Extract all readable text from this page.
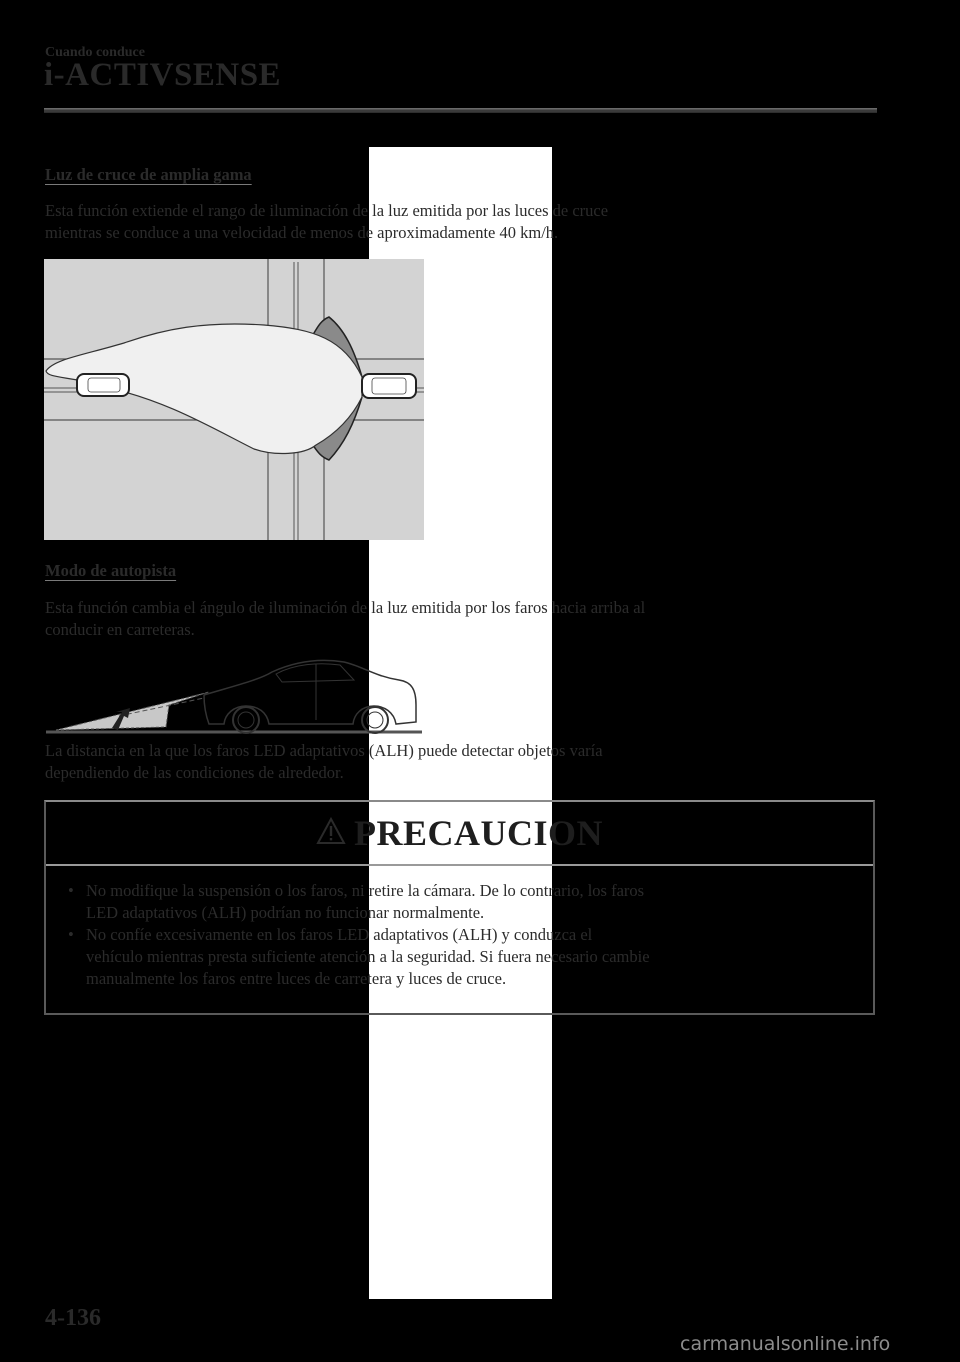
Cuando conduce
i-ACTIVSENSE
Luz de cruce de amplia gama
Esta función extiende el rango de iluminación de la luz emitida por las luces de cruce
mientras se conduce a una velocidad de menos de aproximadamente 40 km/h.
Modo de autopista
Esta función cambia el ángulo de iluminación de la luz emitida por los faros hacia arriba al
conducir en carreteras.
La distancia en la que los faros LED adaptativos (ALH) puede detectar objetos varía
dependiendo de las condiciones de alrededor.
PRECAUCION
• No modifique la suspensión o los faros, ni retire la cámara. De lo contrario, los faros
LED adaptativos (ALH) podrían no funcionar normalmente.
• No confíe excesivamente en los faros LED adaptativos (ALH) y conduzca el
vehículo mientras presta suficiente atención a la seguridad. Si fuera necesario cambie
manualmente los faros entre luces de carretera y luces de cruce.
4-136
carmanualsonline.info
